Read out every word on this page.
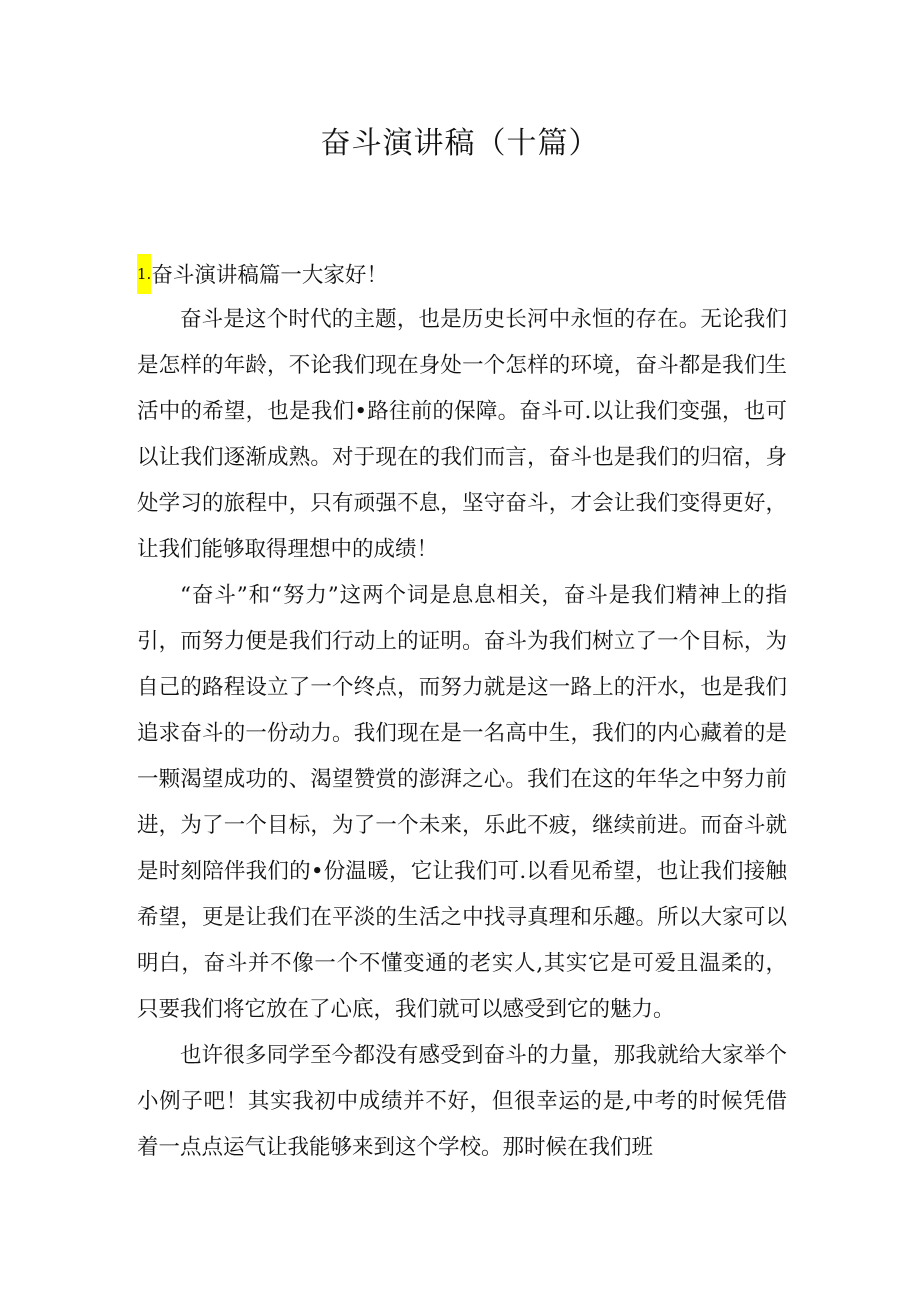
奋斗演讲稿（十篇）
1.奋斗演讲稿篇一大家好！

奋斗是这个时代的主题，也是历史长河中永恒的存在。无论我们是怎样的年龄，不论我们现在身处一个怎样的环境，奋斗都是我们生活中的希望，也是我们•路往前的保障。奋斗可.以让我们变强，也可以让我们逐渐成熟。对于现在的我们而言，奋斗也是我们的归宿，身处学习的旅程中，只有顽强不息，坚守奋斗，才会让我们变得更好，让我们能够取得理想中的成绩！

“奋斗”和“努力”这两个词是息息相关，奋斗是我们精神上的指引，而努力便是我们行动上的证明。奋斗为我们树立了一个目标，为自己的路程设立了一个终点，而努力就是这一路上的汗水，也是我们追求奋斗的一份动力。我们现在是一名高中生，我们的内心藏着的是一颗渴望成功的、渴望赞赏的澎湃之心。我们在这的年华之中努力前进，为了一个目标，为了一个未来，乐此不疲，继续前进。而奋斗就是时刻陪伴我们的•份温暖，它让我们可.以看见希望，也让我们接触希望，更是让我们在平淡的生活之中找寻真理和乐趣。所以大家可以明白，奋斗并不像一个不懂变通的老实人,其实它是可爱且温柔的，只要我们将它放在了心底，我们就可以感受到它的魅力。

也许很多同学至今都没有感受到奋斗的力量，那我就给大家举个小例子吧！其实我初中成绩并不好，但很幸运的是,中考的时候凭借着一点点运气让我能够来到这个学校。那时候在我们班
